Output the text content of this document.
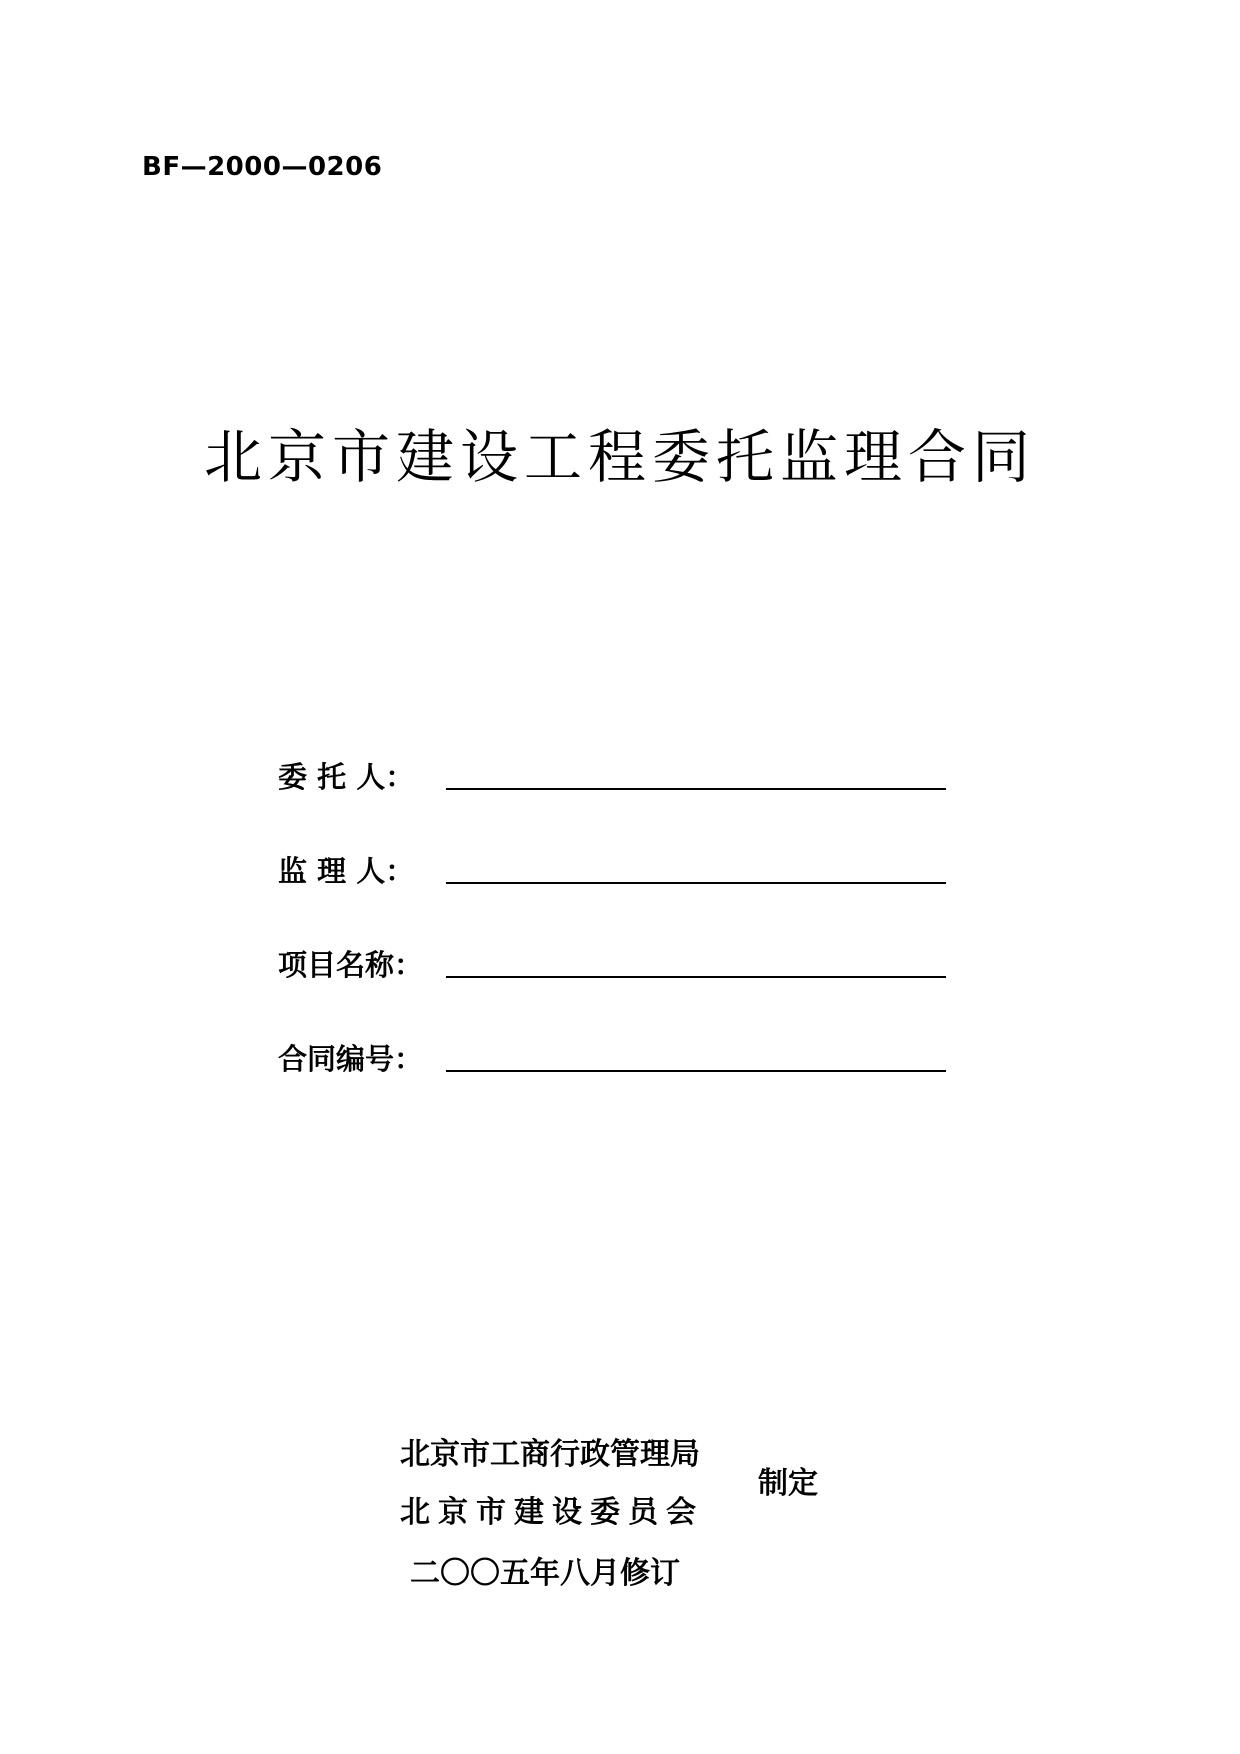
BF—2000—0206
北京市建设工程委托监理合同
委 托 人：
监 理 人：
项目名称：
合同编号：
北京市工商行政管理局
北京市建设委员会
制定
二〇〇五年八月修订
